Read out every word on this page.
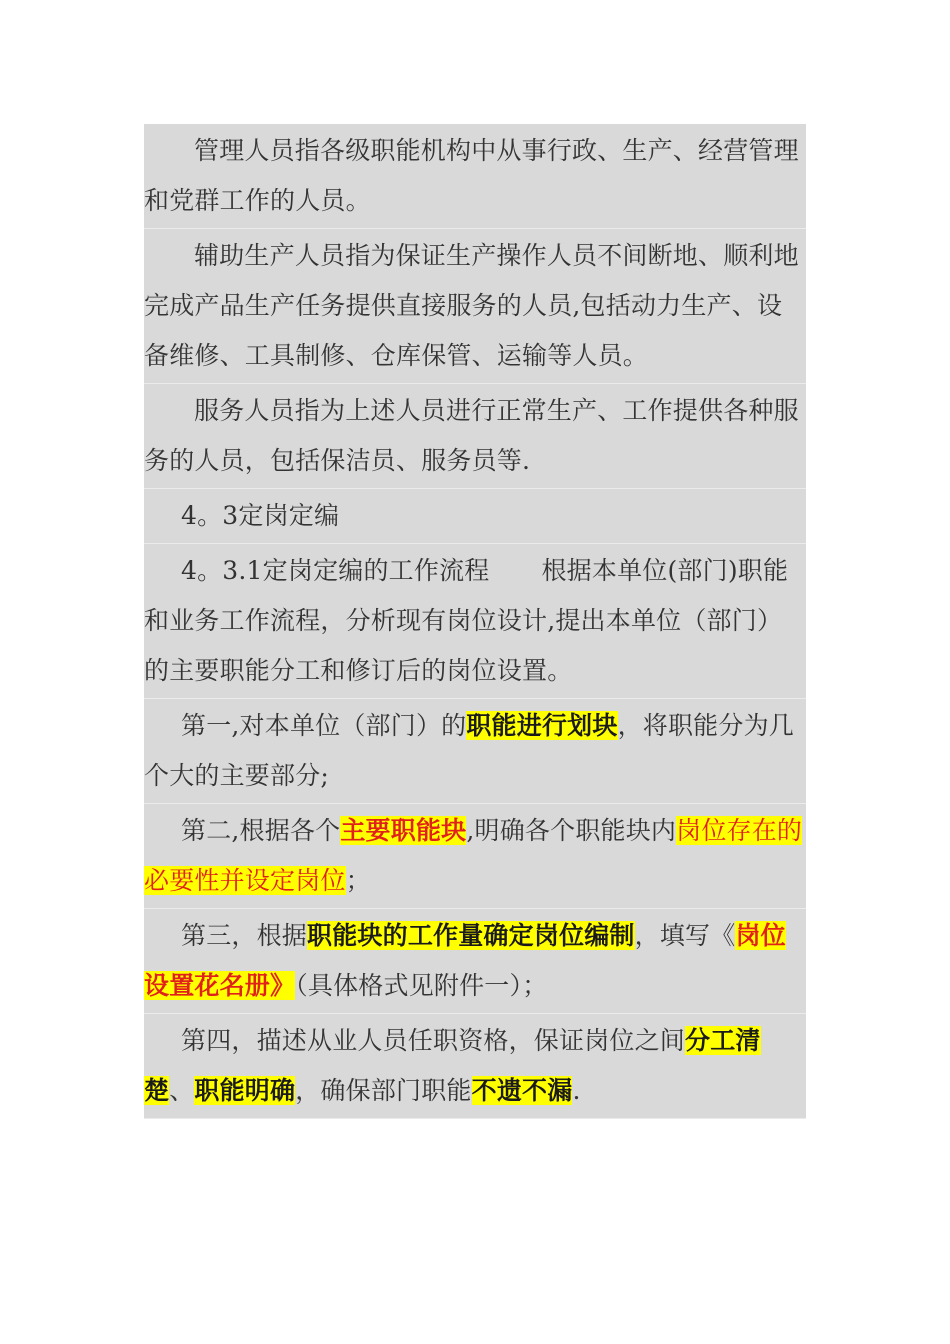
管理人员指各级职能机构中从事行政、生产、经营管理和党群工作的人员。
辅助生产人员指为保证生产操作人员不间断地、顺利地完成产品生产任务提供直接服务的人员,包括动力生产、设备维修、工具制修、仓库保管、运输等人员。
服务人员指为上述人员进行正常生产、工作提供各种服务的人员，包括保洁员、服务员等.
4。3定岗定编
4。3.1定岗定编的工作流程 根据本单位(部门)职能和业务工作流程，分析现有岗位设计,提出本单位（部门）的主要职能分工和修订后的岗位设置。
第一,对本单位（部门）的职能进行划块，将职能分为几个大的主要部分;
第二,根据各个主要职能块,明确各个职能块内岗位存在的必要性并设定岗位；
第三，根据职能块的工作量确定岗位编制，填写《岗位设置花名册》（具体格式见附件一）；
第四，描述从业人员任职资格，保证岗位之间分工清楚、职能明确，确保部门职能不遗不漏.
